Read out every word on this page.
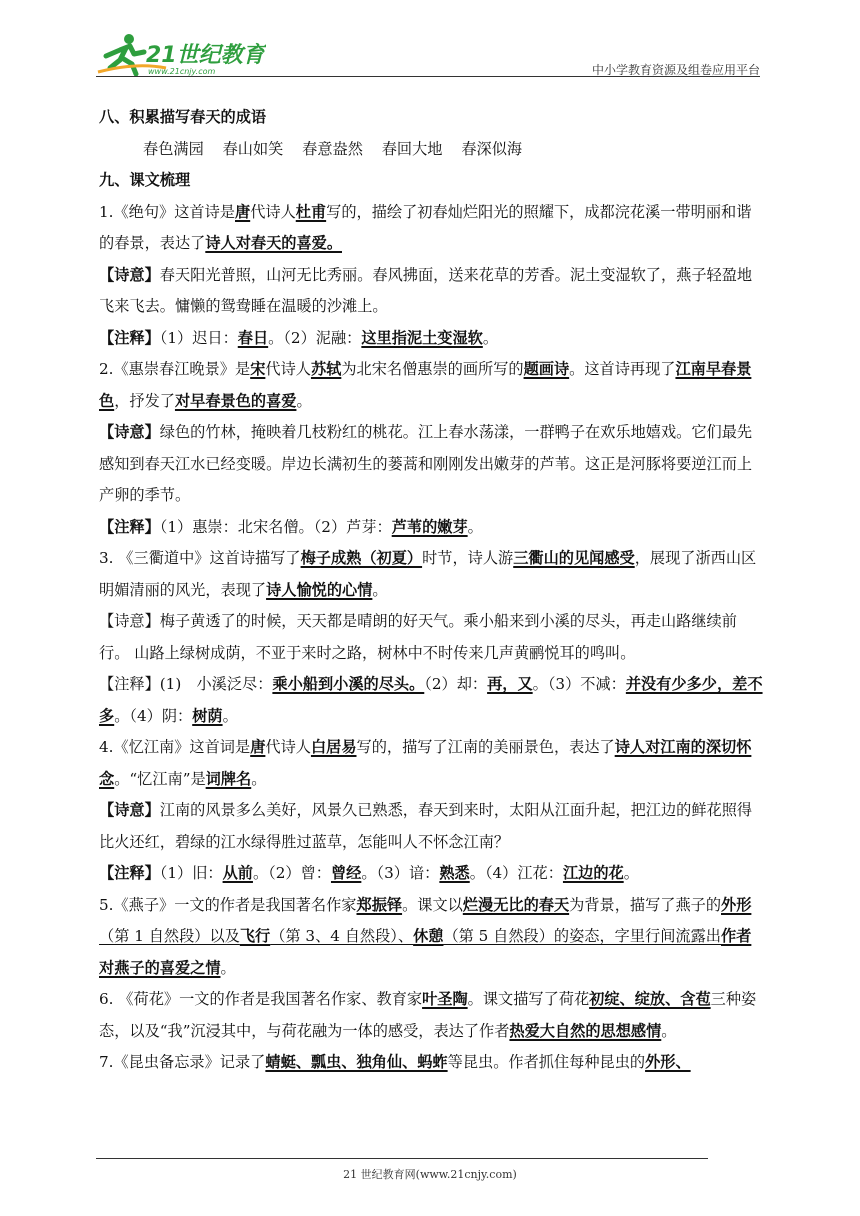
21世纪教育
www.21cnjy.com	中小学教育资源及组卷应用平台

八、积累描写春天的成语

春色满园 春山如笑 春意盎然 春回大地 春深似海

九、课文梳理

1.《绝句》这首诗是唐代诗人杜甫写的，描绘了初春灿烂阳光的照耀下，成都浣花溪一带明丽和谐的春景，表达了诗人对春天的喜爱。

【诗意】春天阳光普照，山河无比秀丽。春风拂面，送来花草的芳香。泥土变湿软了，燕子轻盈地飞来飞去。慵懒的鸳鸯睡在温暖的沙滩上。

【注释】（1）迟日：春日。（2）泥融：这里指泥土变湿软。

2.《惠崇春江晚景》是宋代诗人苏轼为北宋名僧惠崇的画所写的题画诗。这首诗再现了江南早春景色，抒发了对早春景色的喜爱。

【诗意】绿色的竹林，掩映着几枝粉红的桃花。江上春水荡漾，一群鸭子在欢乐地嬉戏。它们最先感知到春天江水已经变暖。岸边长满初生的蒌蒿和刚刚发出嫩芽的芦苇。这正是河豚将要逆江而上产卵的季节。

【注释】（1）惠崇：北宋名僧。（2）芦芽：芦苇的嫩芽。

3. 《三衢道中》这首诗描写了梅子成熟（初夏）时节，诗人游三衢山的见闻感受，展现了浙西山区明媚清丽的风光，表现了诗人愉悦的心情。

【诗意】梅子黄透了的时候，天天都是晴朗的好天气。乘小船来到小溪的尽头，再走山路继续前行。 山路上绿树成荫，不亚于来时之路，树林中不时传来几声黄鹂悦耳的鸣叫。

【注释】(1)　小溪泛尽：乘小船到小溪的尽头。（2）却：再，又。（3）不减：并没有少多少，差不多。（4）阴：树荫。

4.《忆江南》这首词是唐代诗人白居易写的，描写了江南的美丽景色，表达了诗人对江南的深切怀念。“忆江南”是词牌名。

【诗意】江南的风景多么美好，风景久已熟悉，春天到来时，太阳从江面升起，把江边的鲜花照得比火还红，碧绿的江水绿得胜过蓝草，怎能叫人不怀念江南？

【注释】（1）旧：从前。（2）曾：曾经。（3）谙：熟悉。（4）江花：江边的花。

5.《燕子》一文的作者是我国著名作家郑振铎。课文以烂漫无比的春天为背景，描写了燕子的外形（第 1 自然段）以及飞行（第 3、4 自然段）、休憩（第 5 自然段）的姿态，字里行间流露出作者对燕子的喜爱之情。

6. 《荷花》一文的作者是我国著名作家、教育家叶圣陶。课文描写了荷花初绽、绽放、含苞三种姿态，以及“我”沉浸其中，与荷花融为一体的感受，表达了作者热爱大自然的思想感情。

7.《昆虫备忘录》记录了蜻蜓、瓢虫、独角仙、蚂蚱等昆虫。作者抓住每种昆虫的外形、

21 世纪教育网(www.21cnjy.com)
